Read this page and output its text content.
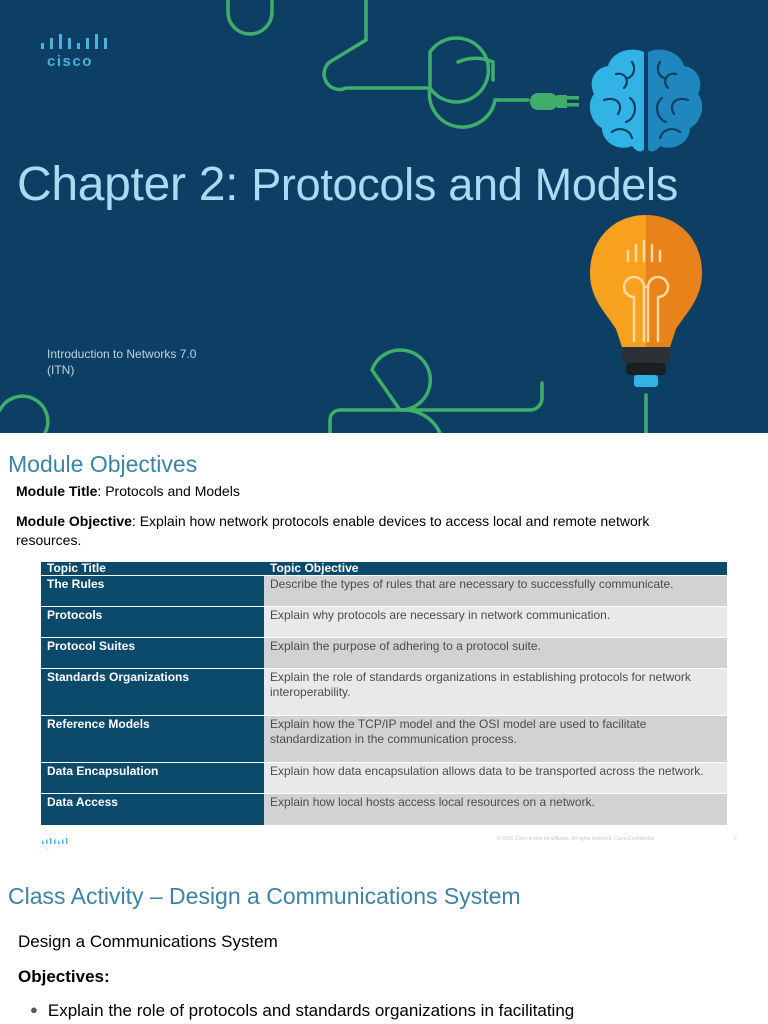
cisco
Chapter 2: Protocols and Models
Introduction to Networks 7.0
(ITN)
Module Objectives
Module Title: Protocols and Models
Module Objective: Explain how network protocols enable devices to access local and remote network resources.
Topic Title	Topic Objective
The Rules	Describe the types of rules that are necessary to successfully communicate.
Protocols	Explain why protocols are necessary in network communication.
Protocol Suites	Explain the purpose of adhering to a protocol suite.
Standards Organizations	Explain the role of standards organizations in establishing protocols for network interoperability.
Reference Models	Explain how the TCP/IP model and the OSI model are used to facilitate standardization in the communication process.
Data Encapsulation	Explain how data encapsulation allows data to be transported across the network.
Data Access	Explain how local hosts access local resources on a network.
© 2016 Cisco and/or its affiliates. All rights reserved. Cisco Confidential	2
Class Activity – Design a Communications System
Design a Communications System
Objectives:
● Explain the role of protocols and standards organizations in facilitating
